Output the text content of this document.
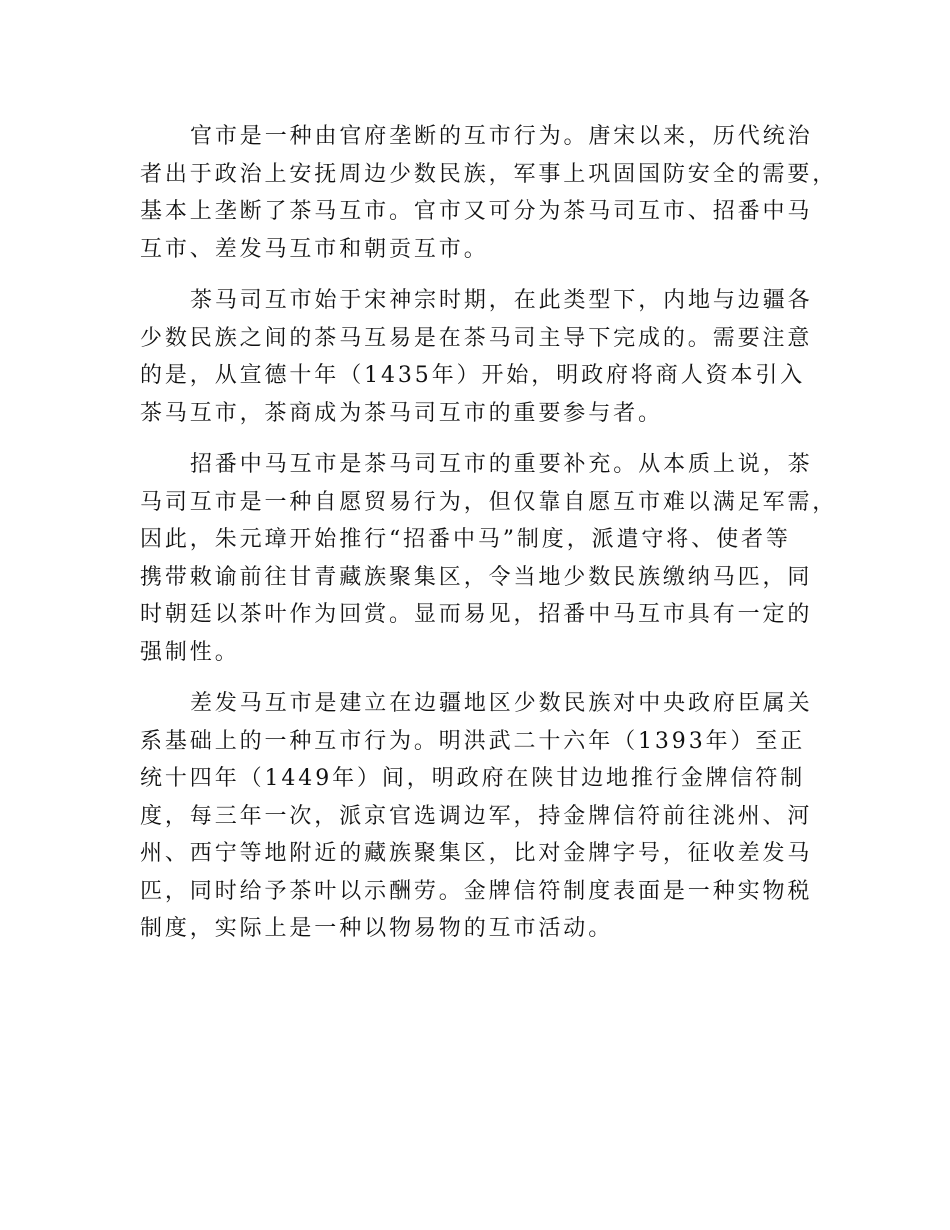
官市是一种由官府垄断的互市行为。唐宋以来，历代统治
者出于政治上安抚周边少数民族，军事上巩固国防安全的需要，
基本上垄断了茶马互市。官市又可分为茶马司互市、招番中马
互市、差发马互市和朝贡互市。

茶马司互市始于宋神宗时期，在此类型下，内地与边疆各
少数民族之间的茶马互易是在茶马司主导下完成的。需要注意
的是，从宣德十年（1435年）开始，明政府将商人资本引入
茶马互市，茶商成为茶马司互市的重要参与者。

招番中马互市是茶马司互市的重要补充。从本质上说，茶
马司互市是一种自愿贸易行为，但仅靠自愿互市难以满足军需，
因此，朱元璋开始推行“招番中马”制度，派遣守将、使者等
携带敕谕前往甘青藏族聚集区，令当地少数民族缴纳马匹，同
时朝廷以茶叶作为回赏。显而易见，招番中马互市具有一定的
强制性。

差发马互市是建立在边疆地区少数民族对中央政府臣属关
系基础上的一种互市行为。明洪武二十六年（1393年）至正
统十四年（1449年）间，明政府在陕甘边地推行金牌信符制
度，每三年一次，派京官选调边军，持金牌信符前往洮州、河
州、西宁等地附近的藏族聚集区，比对金牌字号，征收差发马
匹，同时给予茶叶以示酬劳。金牌信符制度表面是一种实物税
制度，实际上是一种以物易物的互市活动。
